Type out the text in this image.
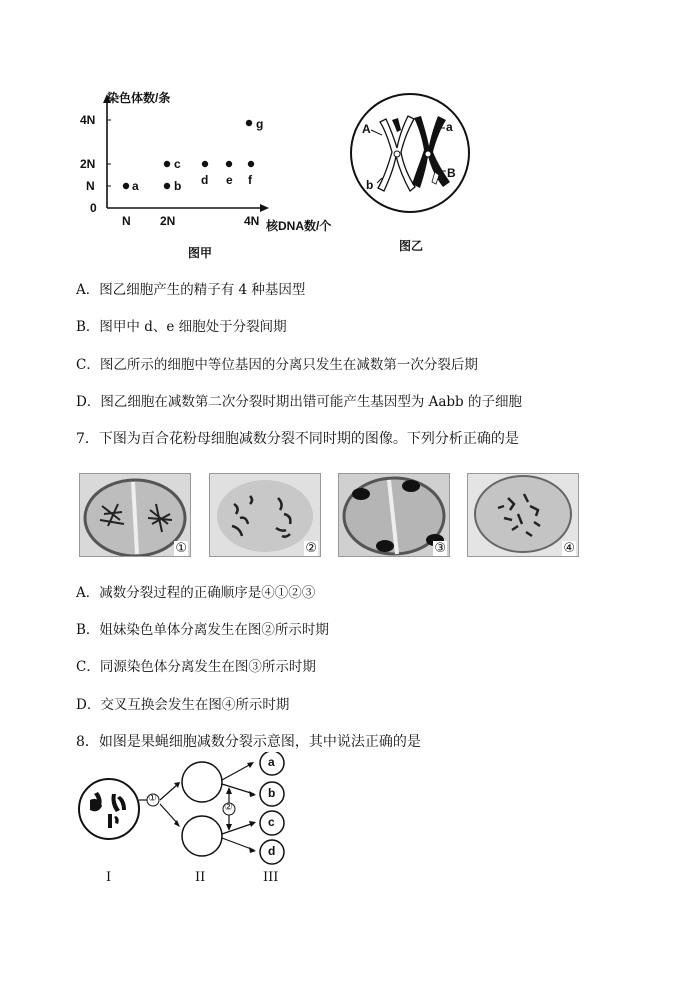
染色体数/条
4N
2N
N
0
N 2N	4N 核DNA数/个
a	b
c
d e f
g
图甲
A	a
b
B
图乙
A．图乙细胞产生的精子有 4 种基因型
B．图甲中 d、e 细胞处于分裂间期
C．图乙所示的细胞中等位基因的分离只发生在减数第一次分裂后期
D．图乙细胞在减数第二次分裂时期出错可能产生基因型为 Aabb 的子细胞
7．下图为百合花粉母细胞减数分裂不同时期的图像。下列分析正确的是
①	②	③	④
A．减数分裂过程的正确顺序是④①②③
B．姐妹染色单体分离发生在图②所示时期
C．同源染色体分离发生在图③所示时期
D．交叉互换会发生在图④所示时期
8．如图是果蝇细胞减数分裂示意图，其中说法正确的是
①
②
a
b
c
d
I	II	III
